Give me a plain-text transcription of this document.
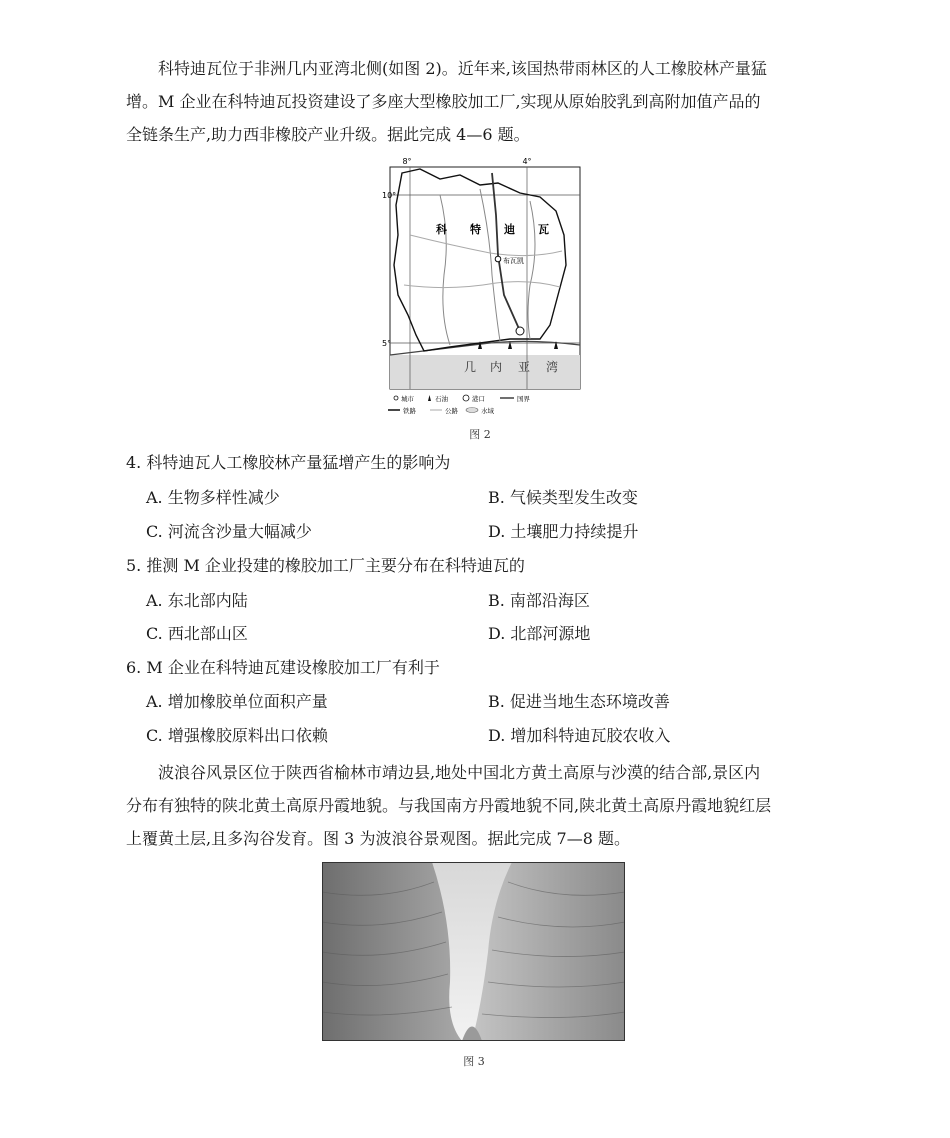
科特迪瓦位于非洲几内亚湾北侧(如图 2)。近年来,该国热带雨林区的人工橡胶林产量猛
增。M 企业在科特迪瓦投资建设了多座大型橡胶加工厂,实现从原始胶乳到高附加值产品的
全链条生产,助力西非橡胶产业升级。据此完成 4—6 题。
8°	4°
10°
5°
科 特 迪 瓦
布瓦凯
几 内 亚 湾
城市	石油	港口	国界
铁路	公路	水域
图 2
4. 科特迪瓦人工橡胶林产量猛增产生的影响为
A. 生物多样性减少	B. 气候类型发生改变
C. 河流含沙量大幅减少	D. 土壤肥力持续提升
5. 推测 M 企业投建的橡胶加工厂主要分布在科特迪瓦的
A. 东北部内陆	B. 南部沿海区
C. 西北部山区	D. 北部河源地
6. M 企业在科特迪瓦建设橡胶加工厂有利于
A. 增加橡胶单位面积产量	B. 促进当地生态环境改善
C. 增强橡胶原料出口依赖	D. 增加科特迪瓦胶农收入
波浪谷风景区位于陕西省榆林市靖边县,地处中国北方黄土高原与沙漠的结合部,景区内
分布有独特的陕北黄土高原丹霞地貌。与我国南方丹霞地貌不同,陕北黄土高原丹霞地貌红层
上覆黄土层,且多沟谷发育。图 3 为波浪谷景观图。据此完成 7—8 题。
图 3
